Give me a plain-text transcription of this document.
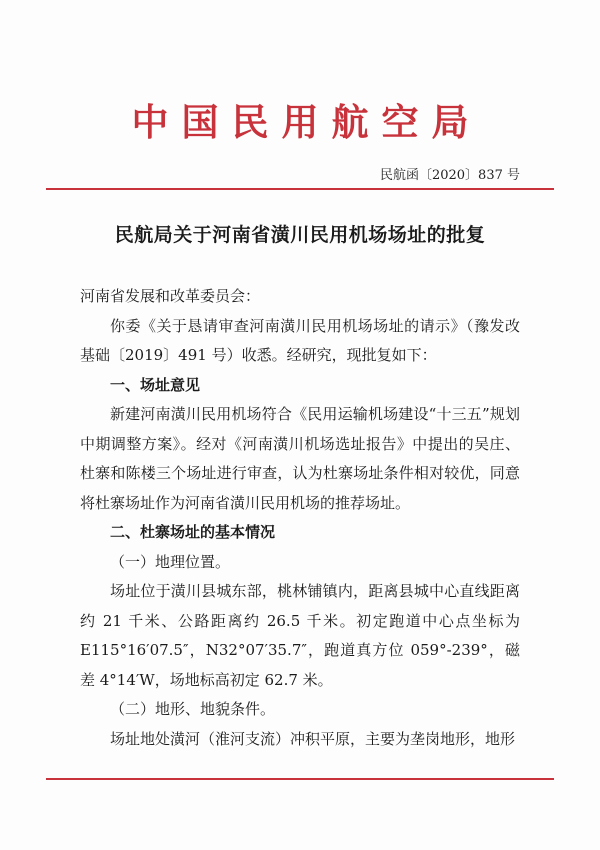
中国民用航空局
民航函〔2020〕837 号
民航局关于河南省潢川民用机场场址的批复

河南省发展和改革委员会：

你委《关于恳请审查河南潢川民用机场场址的请示》（豫发改基础〔2019〕491 号）收悉。经研究，现批复如下：

一、场址意见

新建河南潢川民用机场符合《民用运输机场建设“十三五”规划中期调整方案》。经对《河南潢川机场选址报告》中提出的吴庄、杜寨和陈楼三个场址进行审查，认为杜寨场址条件相对较优，同意将杜寨场址作为河南省潢川民用机场的推荐场址。

二、杜寨场址的基本情况

（一）地理位置。

场址位于潢川县城东部，桃林铺镇内，距离县城中心直线距离约 21 千米、公路距离约 26.5 千米。初定跑道中心点坐标为 E115°16′07.5″，N32°07′35.7″，跑道真方位 059°-239°，磁差 4°14′W，场地标高初定 62.7 米。

（二）地形、地貌条件。

场址地处潢河（淮河支流）冲积平原，主要为垄岗地形，地形
